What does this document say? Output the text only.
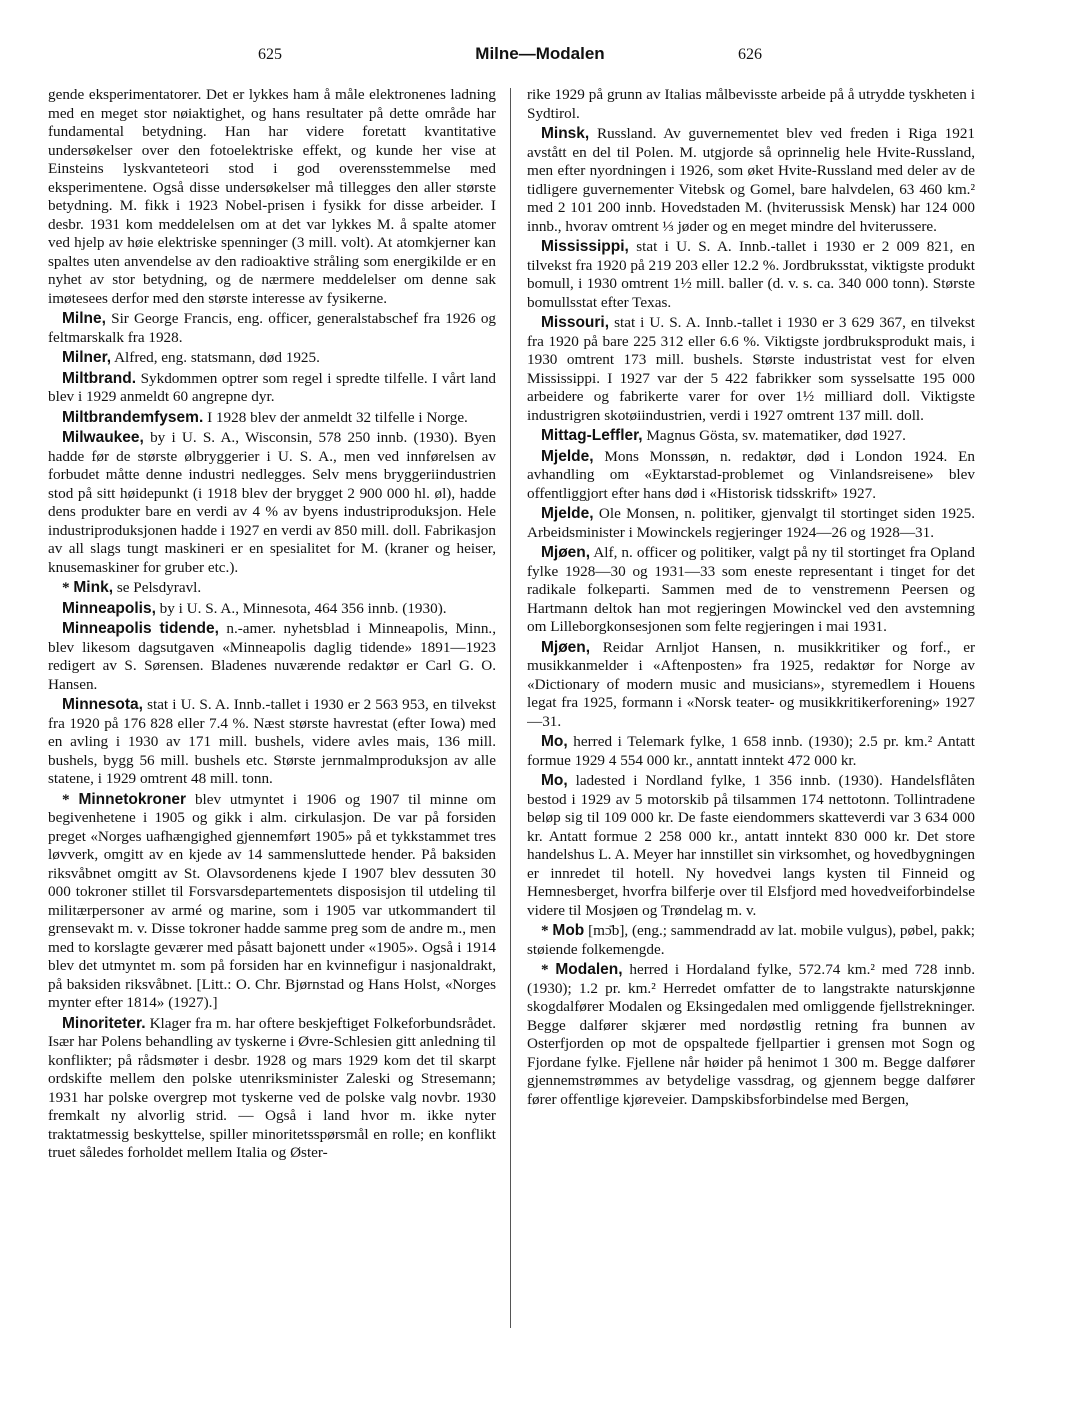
625	Milne—Modalen	626

gende eksperimentatorer. Det er lykkes ham å måle elektronenes ladning med en meget stor nøiaktighet, og hans resultater på dette område har fundamental betydning. Han har videre foretatt kvantitative undersøkelser over den fotoelektriske effekt, og kunde her vise at Einsteins lyskvanteteori stod i god overensstemmelse med eksperimentene. Også disse undersøkelser må tillegges den aller største betydning. M. fikk i 1923 Nobel-prisen i fysikk for disse arbeider. I desbr. 1931 kom meddelelsen om at det var lykkes M. å spalte atomer ved hjelp av høie elektriske spenninger (3 mill. volt). At atomkjerner kan spaltes uten anvendelse av den radioaktive stråling som energikilde er en nyhet av stor betydning, og de nærmere meddelelser om denne sak imøtesees derfor med den største interesse av fysikerne.

Milne, Sir George Francis, eng. officer, generalstabschef fra 1926 og feltmarskalk fra 1928.

Milner, Alfred, eng. statsmann, død 1925.

Miltbrand. Sykdommen optrer som regel i spredte tilfelle. I vårt land blev i 1929 anmeldt 60 angrepne dyr.

Miltbrandemfysem. I 1928 blev der anmeldt 32 tilfelle i Norge.

Milwaukee, by i U. S. A., Wisconsin, 578 250 innb. (1930). Byen hadde før de største ølbryggerier i U. S. A., men ved innførelsen av forbudet måtte denne industri nedlegges. Selv mens bryggeriindustrien stod på sitt høidepunkt (i 1918 blev der brygget 2 900 000 hl. øl), hadde dens produkter bare en verdi av 4 % av byens industriproduksjon. Hele industriproduksjonen hadde i 1927 en verdi av 850 mill. doll. Fabrikasjon av all slags tungt maskineri er en spesialitet for M. (kraner og heiser, knusemaskiner for gruber etc.).

* Mink, se Pelsdyravl.

Minneapolis, by i U. S. A., Minnesota, 464 356 innb. (1930).

Minneapolis tidende, n.-amer. nyhetsblad i Minneapolis, Minn., blev likesom dagsutgaven «Minneapolis daglig tidende» 1891—1923 redigert av S. Sørensen. Bladenes nuværende redaktør er Carl G. O. Hansen.

Minnesota, stat i U. S. A. Innb.-tallet i 1930 er 2 563 953, en tilvekst fra 1920 på 176 828 eller 7.4 %. Næst største havrestat (efter Iowa) med en avling i 1930 av 171 mill. bushels, videre avles mais, 136 mill. bushels, bygg 56 mill. bushels etc. Største jernmalmproduksjon av alle statene, i 1929 omtrent 48 mill. tonn.

* Minnetokroner blev utmyntet i 1906 og 1907 til minne om begivenhetene i 1905 og gikk i alm. cirkulasjon. De var på forsiden preget «Norges uafhængighed gjennemført 1905» på et tykkstammet tres løvverk, omgitt av en kjede av 14 sammensluttede hender. På baksiden riksvåbnet omgitt av St. Olavsordenens kjede I 1907 blev dessuten 30 000 tokroner stillet til Forsvarsdepartementets disposisjon til utdeling til militærpersoner av armé og marine, som i 1905 var utkommandert til grensevakt m. v. Disse tokroner hadde samme preg som de andre m., men med to korslagte geværer med påsatt bajonett under «1905». Også i 1914 blev det utmyntet m. som på forsiden har en kvinnefigur i nasjonaldrakt, på baksiden riksvåbnet. [Litt.: O. Chr. Bjørnstad og Hans Holst, «Norges mynter efter 1814» (1927).]

Minoriteter. Klager fra m. har oftere beskjeftiget Folkeforbundsrådet. Især har Polens behandling av tyskerne i Øvre-Schlesien gitt anledning til konflikter; på rådsmøter i desbr. 1928 og mars 1929 kom det til skarpt ordskifte mellem den polske utenriksminister Zaleski og Stresemann; 1931 har polske overgrep mot tyskerne ved de polske valg novbr. 1930 fremkalt ny alvorlig strid. — Også i land hvor m. ikke nyter traktatmessig beskyttelse, spiller minoritetsspørsmål en rolle; en konflikt truet således forholdet mellem Italia og Øster-

rike 1929 på grunn av Italias målbevisste arbeide på å utrydde tyskheten i Sydtirol.

Minsk, Russland. Av guvernementet blev ved freden i Riga 1921 avstått en del til Polen. M. utgjorde så oprinnelig hele Hvite-Russland, men efter nyordningen i 1926, som øket Hvite-Russland med deler av de tidligere guvernementer Vitebsk og Gomel, bare halvdelen, 63 460 km.² med 2 101 200 innb. Hovedstaden M. (hviterussisk Mensk) har 124 000 innb., hvorav omtrent ⅓ jøder og en meget mindre del hviterussere.

Mississippi, stat i U. S. A. Innb.-tallet i 1930 er 2 009 821, en tilvekst fra 1920 på 219 203 eller 12.2 %. Jordbruksstat, viktigste produkt bomull, i 1930 omtrent 1½ mill. baller (d. v. s. ca. 340 000 tonn). Største bomullsstat efter Texas.

Missouri, stat i U. S. A. Innb.-tallet i 1930 er 3 629 367, en tilvekst fra 1920 på bare 225 312 eller 6.6 %. Viktigste jordbruksprodukt mais, i 1930 omtrent 173 mill. bushels. Største industristat vest for elven Mississippi. I 1927 var der 5 422 fabrikker som sysselsatte 195 000 arbeidere og fabrikerte varer for over 1½ milliard doll. Viktigste industrigren skotøiindustrien, verdi i 1927 omtrent 137 mill. doll.

Mittag-Leffler, Magnus Gösta, sv. matematiker, død 1927.

Mjelde, Mons Monssøn, n. redaktør, død i London 1924. En avhandling om «Eyktarstad-problemet og Vinlandsreisene» blev offentliggjort efter hans død i «Historisk tidsskrift» 1927.

Mjelde, Ole Monsen, n. politiker, gjenvalgt til stortinget siden 1925. Arbeidsminister i Mowinckels regjeringer 1924—26 og 1928—31.

Mjøen, Alf, n. officer og politiker, valgt på ny til stortinget fra Opland fylke 1928—30 og 1931—33 som eneste representant i tinget for det radikale folkeparti. Sammen med de to venstremenn Peersen og Hartmann deltok han mot regjeringen Mowinckel ved den avstemning om Lilleborgkonsesjonen som felte regjeringen i mai 1931.

Mjøen, Reidar Arnljot Hansen, n. musikkritiker og forf., er musikkanmelder i «Aftenposten» fra 1925, redaktør for Norge av «Dictionary of modern music and musicians», styremedlem i Houens legat fra 1925, formann i «Norsk teater- og musikkritikerforening» 1927—31.

Mo, herred i Telemark fylke, 1 658 innb. (1930); 2.5 pr. km.² Antatt formue 1929 4 554 000 kr., anntatt inntekt 472 000 kr.

Mo, ladested i Nordland fylke, 1 356 innb. (1930). Handelsflåten bestod i 1929 av 5 motorskib på tilsammen 174 nettotonn. Tollintradene beløp sig til 109 000 kr. De faste eiendommers skatteverdi var 3 634 000 kr. Antatt formue 2 258 000 kr., antatt inntekt 830 000 kr. Det store handelshus L. A. Meyer har innstillet sin virksomhet, og hovedbygningen er innredet til hotell. Ny hovedvei langs kysten til Finneid og Hemnesberget, hvorfra bilferje over til Elsfjord med hovedveiforbindelse videre til Mosjøen og Trøndelag m. v.

* Mob [mɔ̄b], (eng.; sammendradd av lat. mobile vulgus), pøbel, pakk; støiende folkemengde.

* Modalen, herred i Hordaland fylke, 572.74 km.² med 728 innb. (1930); 1.2 pr. km.² Herredet omfatter de to langstrakte naturskjønne skogdalfører Modalen og Eksingedalen med omliggende fjellstrekninger. Begge dalfører skjærer med nordøstlig retning fra bunnen av Osterfjorden op mot de opspaltede fjellpartier i grensen mot Sogn og Fjordane fylke. Fjellene når høider på henimot 1 300 m. Begge dalfører gjennemstrømmes av betydelige vassdrag, og gjennem begge dalfører fører offentlige kjøreveier. Dampskibsforbindelse med Bergen,
